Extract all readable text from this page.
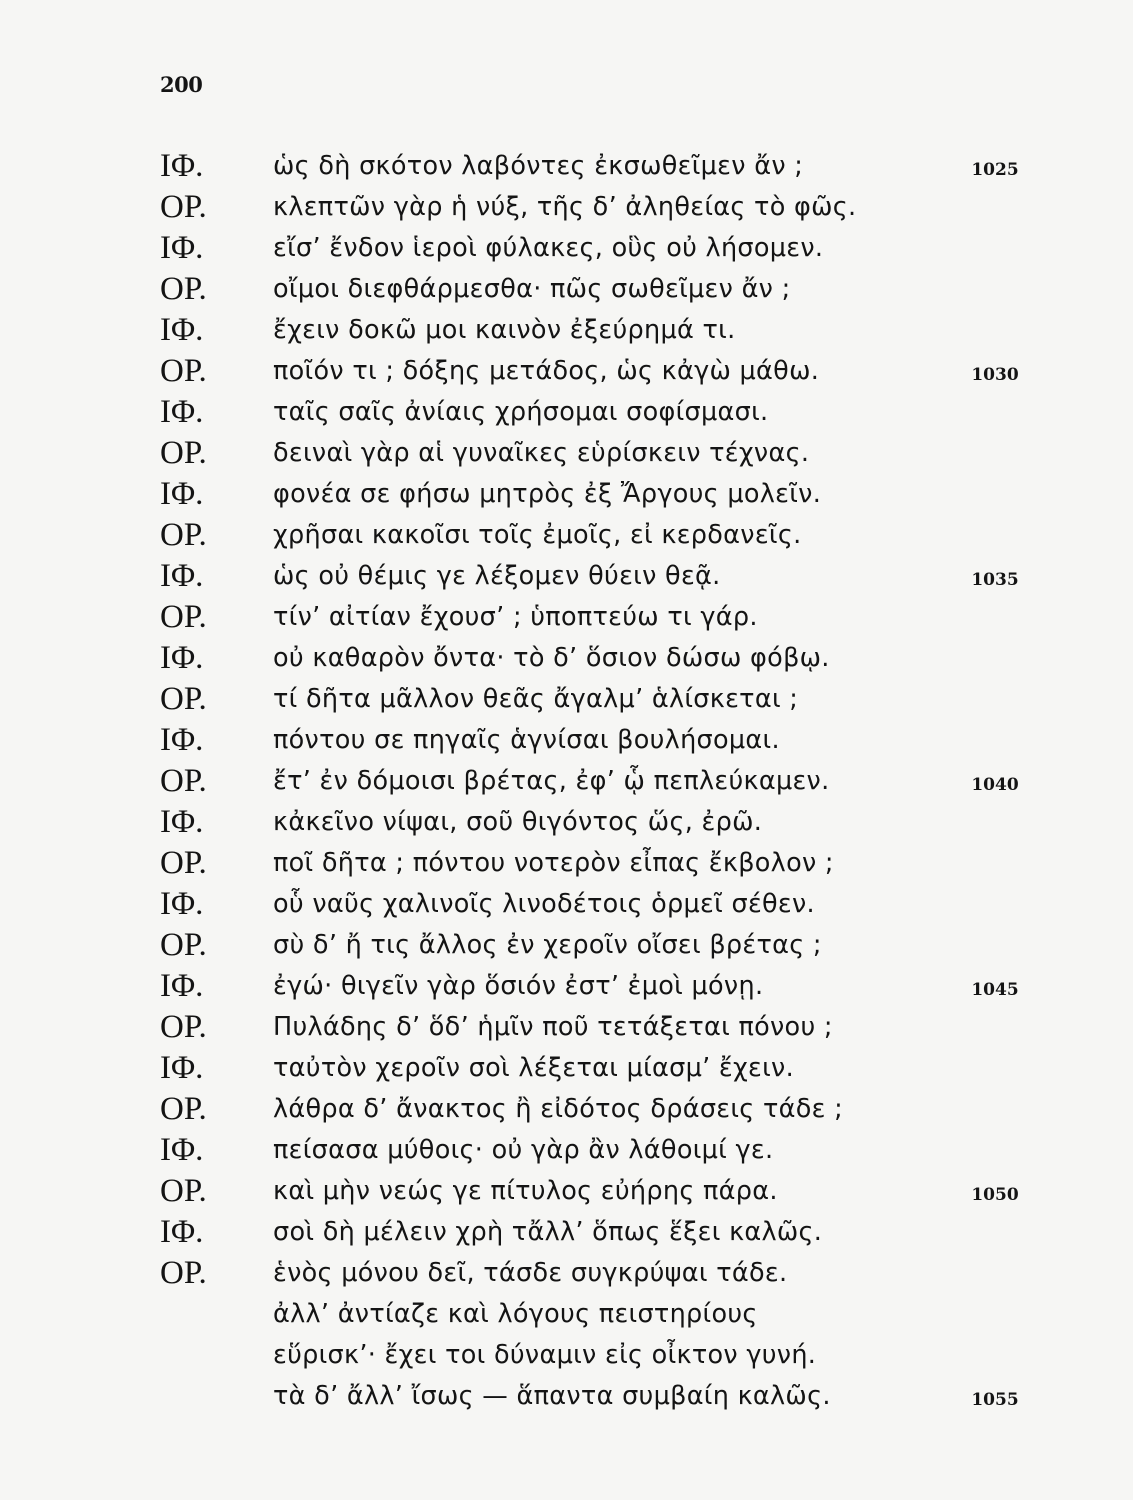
200
ΙΦ.	ὡς δὴ σκότον λαβόντες ἐκσωθεῖμεν ἄν ;	1025
ΟΡ.	κλεπτῶν γὰρ ἡ νύξ, τῆς δ’ ἀληθείας τὸ φῶς.
ΙΦ.	εἴσ’ ἔνδον ἱεροὶ φύλακες, οὓς οὐ λήσομεν.
ΟΡ.	οἴμοι διεφθάρμεσθα· πῶς σωθεῖμεν ἄν ;
ΙΦ.	ἔχειν δοκῶ μοι καινὸν ἐξεύρημά τι.
ΟΡ.	ποῖόν τι ; δόξης μετάδος, ὡς κἀγὼ μάθω.	1030
ΙΦ.	ταῖς σαῖς ἀνίαις χρήσομαι σοφίσμασι.
ΟΡ.	δειναὶ γὰρ αἱ γυναῖκες εὑρίσκειν τέχνας.
ΙΦ.	φονέα σε φήσω μητρὸς ἐξ Ἄργους μολεῖν.
ΟΡ.	χρῆσαι κακοῖσι τοῖς ἐμοῖς, εἰ κερδανεῖς.
ΙΦ.	ὡς οὐ θέμις γε λέξομεν θύειν θεᾷ.	1035
ΟΡ.	τίν’ αἰτίαν ἔχουσ’ ; ὑποπτεύω τι γάρ.
ΙΦ.	οὐ καθαρὸν ὄντα· τὸ δ’ ὅσιον δώσω φόβῳ.
ΟΡ.	τί δῆτα μᾶλλον θεᾶς ἄγαλμ’ ἁλίσκεται ;
ΙΦ.	πόντου σε πηγαῖς ἁγνίσαι βουλήσομαι.
ΟΡ.	ἔτ’ ἐν δόμοισι βρέτας, ἐφ’ ᾧ πεπλεύκαμεν.	1040
ΙΦ.	κἀκεῖνο νίψαι, σοῦ θιγόντος ὥς, ἐρῶ.
ΟΡ.	ποῖ δῆτα ; πόντου νοτερὸν εἶπας ἔκβολον ;
ΙΦ.	οὗ ναῦς χαλινοῖς λινοδέτοις ὁρμεῖ σέθεν.
ΟΡ.	σὺ δ’ ἤ τις ἄλλος ἐν χεροῖν οἴσει βρέτας ;
ΙΦ.	ἐγώ· θιγεῖν γὰρ ὅσιόν ἐστ’ ἐμοὶ μόνῃ.	1045
ΟΡ.	Πυλάδης δ’ ὅδ’ ἡμῖν ποῦ τετάξεται πόνου ;
ΙΦ.	ταὐτὸν χεροῖν σοὶ λέξεται μίασμ’ ἔχειν.
ΟΡ.	λάθρα δ’ ἄνακτος ἢ εἰδότος δράσεις τάδε ;
ΙΦ.	πείσασα μύθοις· οὐ γὰρ ἂν λάθοιμί γε.
ΟΡ.	καὶ μὴν νεώς γε πίτυλος εὐήρης πάρα.	1050
ΙΦ.	σοὶ δὴ μέλειν χρὴ τἄλλ’ ὅπως ἕξει καλῶς.
ΟΡ.	ἑνὸς μόνου δεῖ, τάσδε συγκρύψαι τάδε.
ἀλλ’ ἀντίαζε καὶ λόγους πειστηρίους
εὕρισκ’· ἔχει τοι δύναμιν εἰς οἶκτον γυνή.
τὰ δ’ ἄλλ’ ἴσως — ἅπαντα συμβαίη καλῶς.	1055
